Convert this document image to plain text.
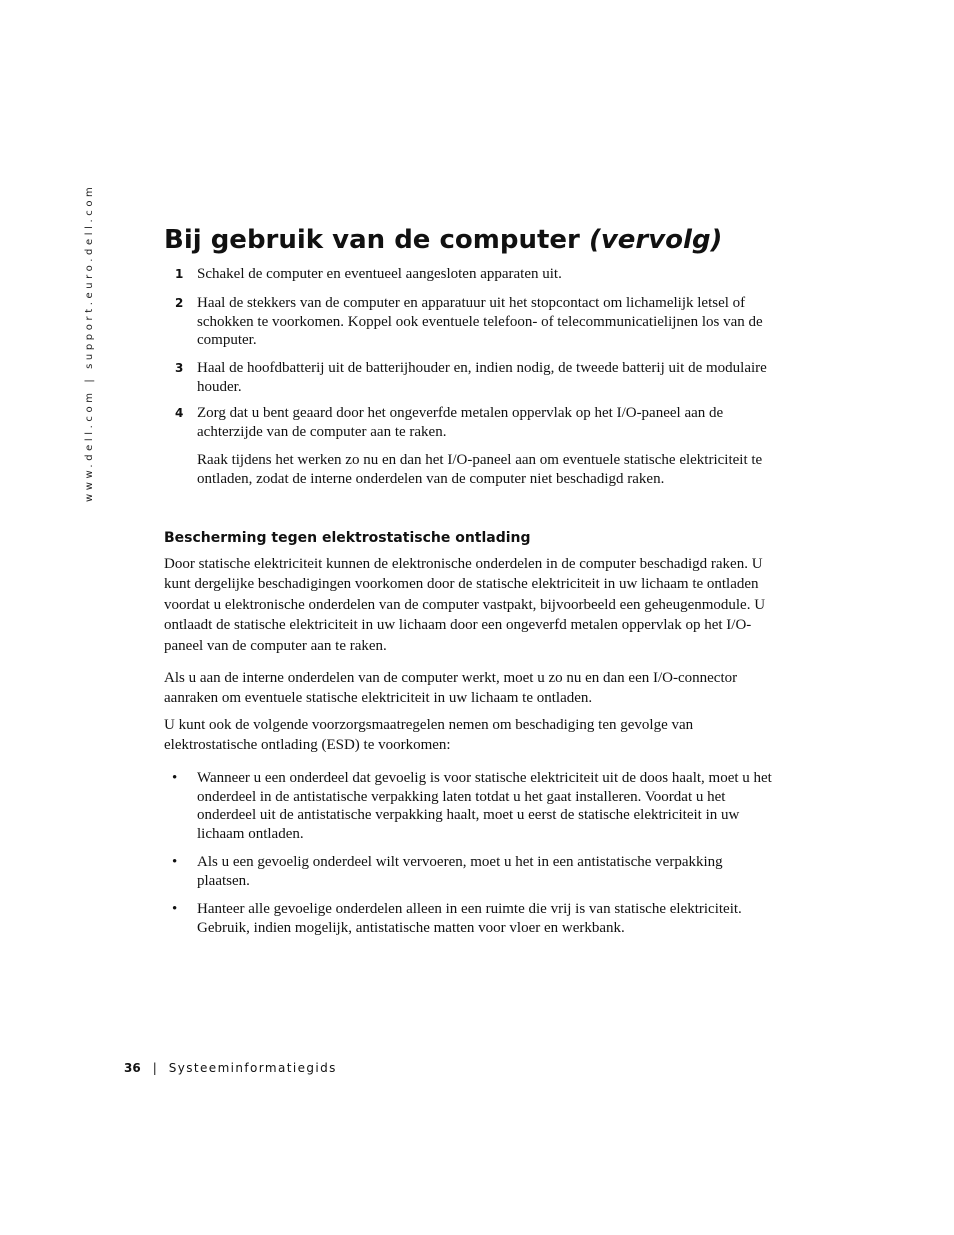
www.dell.com | support.euro.dell.com	Bij gebruik van de computer (vervolg)
1 Schakel de computer en eventueel aangesloten apparaten uit.
2 Haal de stekkers van de computer en apparatuur uit het stopcontact om lichamelijk letsel of schokken te voorkomen. Koppel ook eventuele telefoon- of telecommunicatielijnen los van de computer.
3 Haal de hoofdbatterij uit de batterijhouder en, indien nodig, de tweede batterij uit de modulaire houder.
4 Zorg dat u bent geaard door het ongeverfde metalen oppervlak op het I/O-paneel aan de achterzijde van de computer aan te raken.
Raak tijdens het werken zo nu en dan het I/O-paneel aan om eventuele statische elektriciteit te ontladen, zodat de interne onderdelen van de computer niet beschadigd raken.
Bescherming tegen elektrostatische ontlading

Door statische elektriciteit kunnen de elektronische onderdelen in de computer beschadigd raken. U kunt dergelijke beschadigingen voorkomen door de statische elektriciteit in uw lichaam te ontladen voordat u elektronische onderdelen van de computer vastpakt, bijvoorbeeld een geheugenmodule. U ontlaadt de statische elektriciteit in uw lichaam door een ongeverfd metalen oppervlak op het I/O-paneel van de computer aan te raken.

Als u aan de interne onderdelen van de computer werkt, moet u zo nu en dan een I/O-connector aanraken om eventuele statische elektriciteit in uw lichaam te ontladen.

U kunt ook de volgende voorzorgsmaatregelen nemen om beschadiging ten gevolge van elektrostatische ontlading (ESD) te voorkomen:

• Wanneer u een onderdeel dat gevoelig is voor statische elektriciteit uit de doos haalt, moet u het onderdeel in de antistatische verpakking laten totdat u het gaat installeren. Voordat u het onderdeel uit de antistatische verpakking haalt, moet u eerst de statische elektriciteit in uw lichaam ontladen.
• Als u een gevoelig onderdeel wilt vervoeren, moet u het in een antistatische verpakking plaatsen.
• Hanteer alle gevoelige onderdelen alleen in een ruimte die vrij is van statische elektriciteit. Gebruik, indien mogelijk, antistatische matten voor vloer en werkbank.
36 | Systeeminformatiegids
